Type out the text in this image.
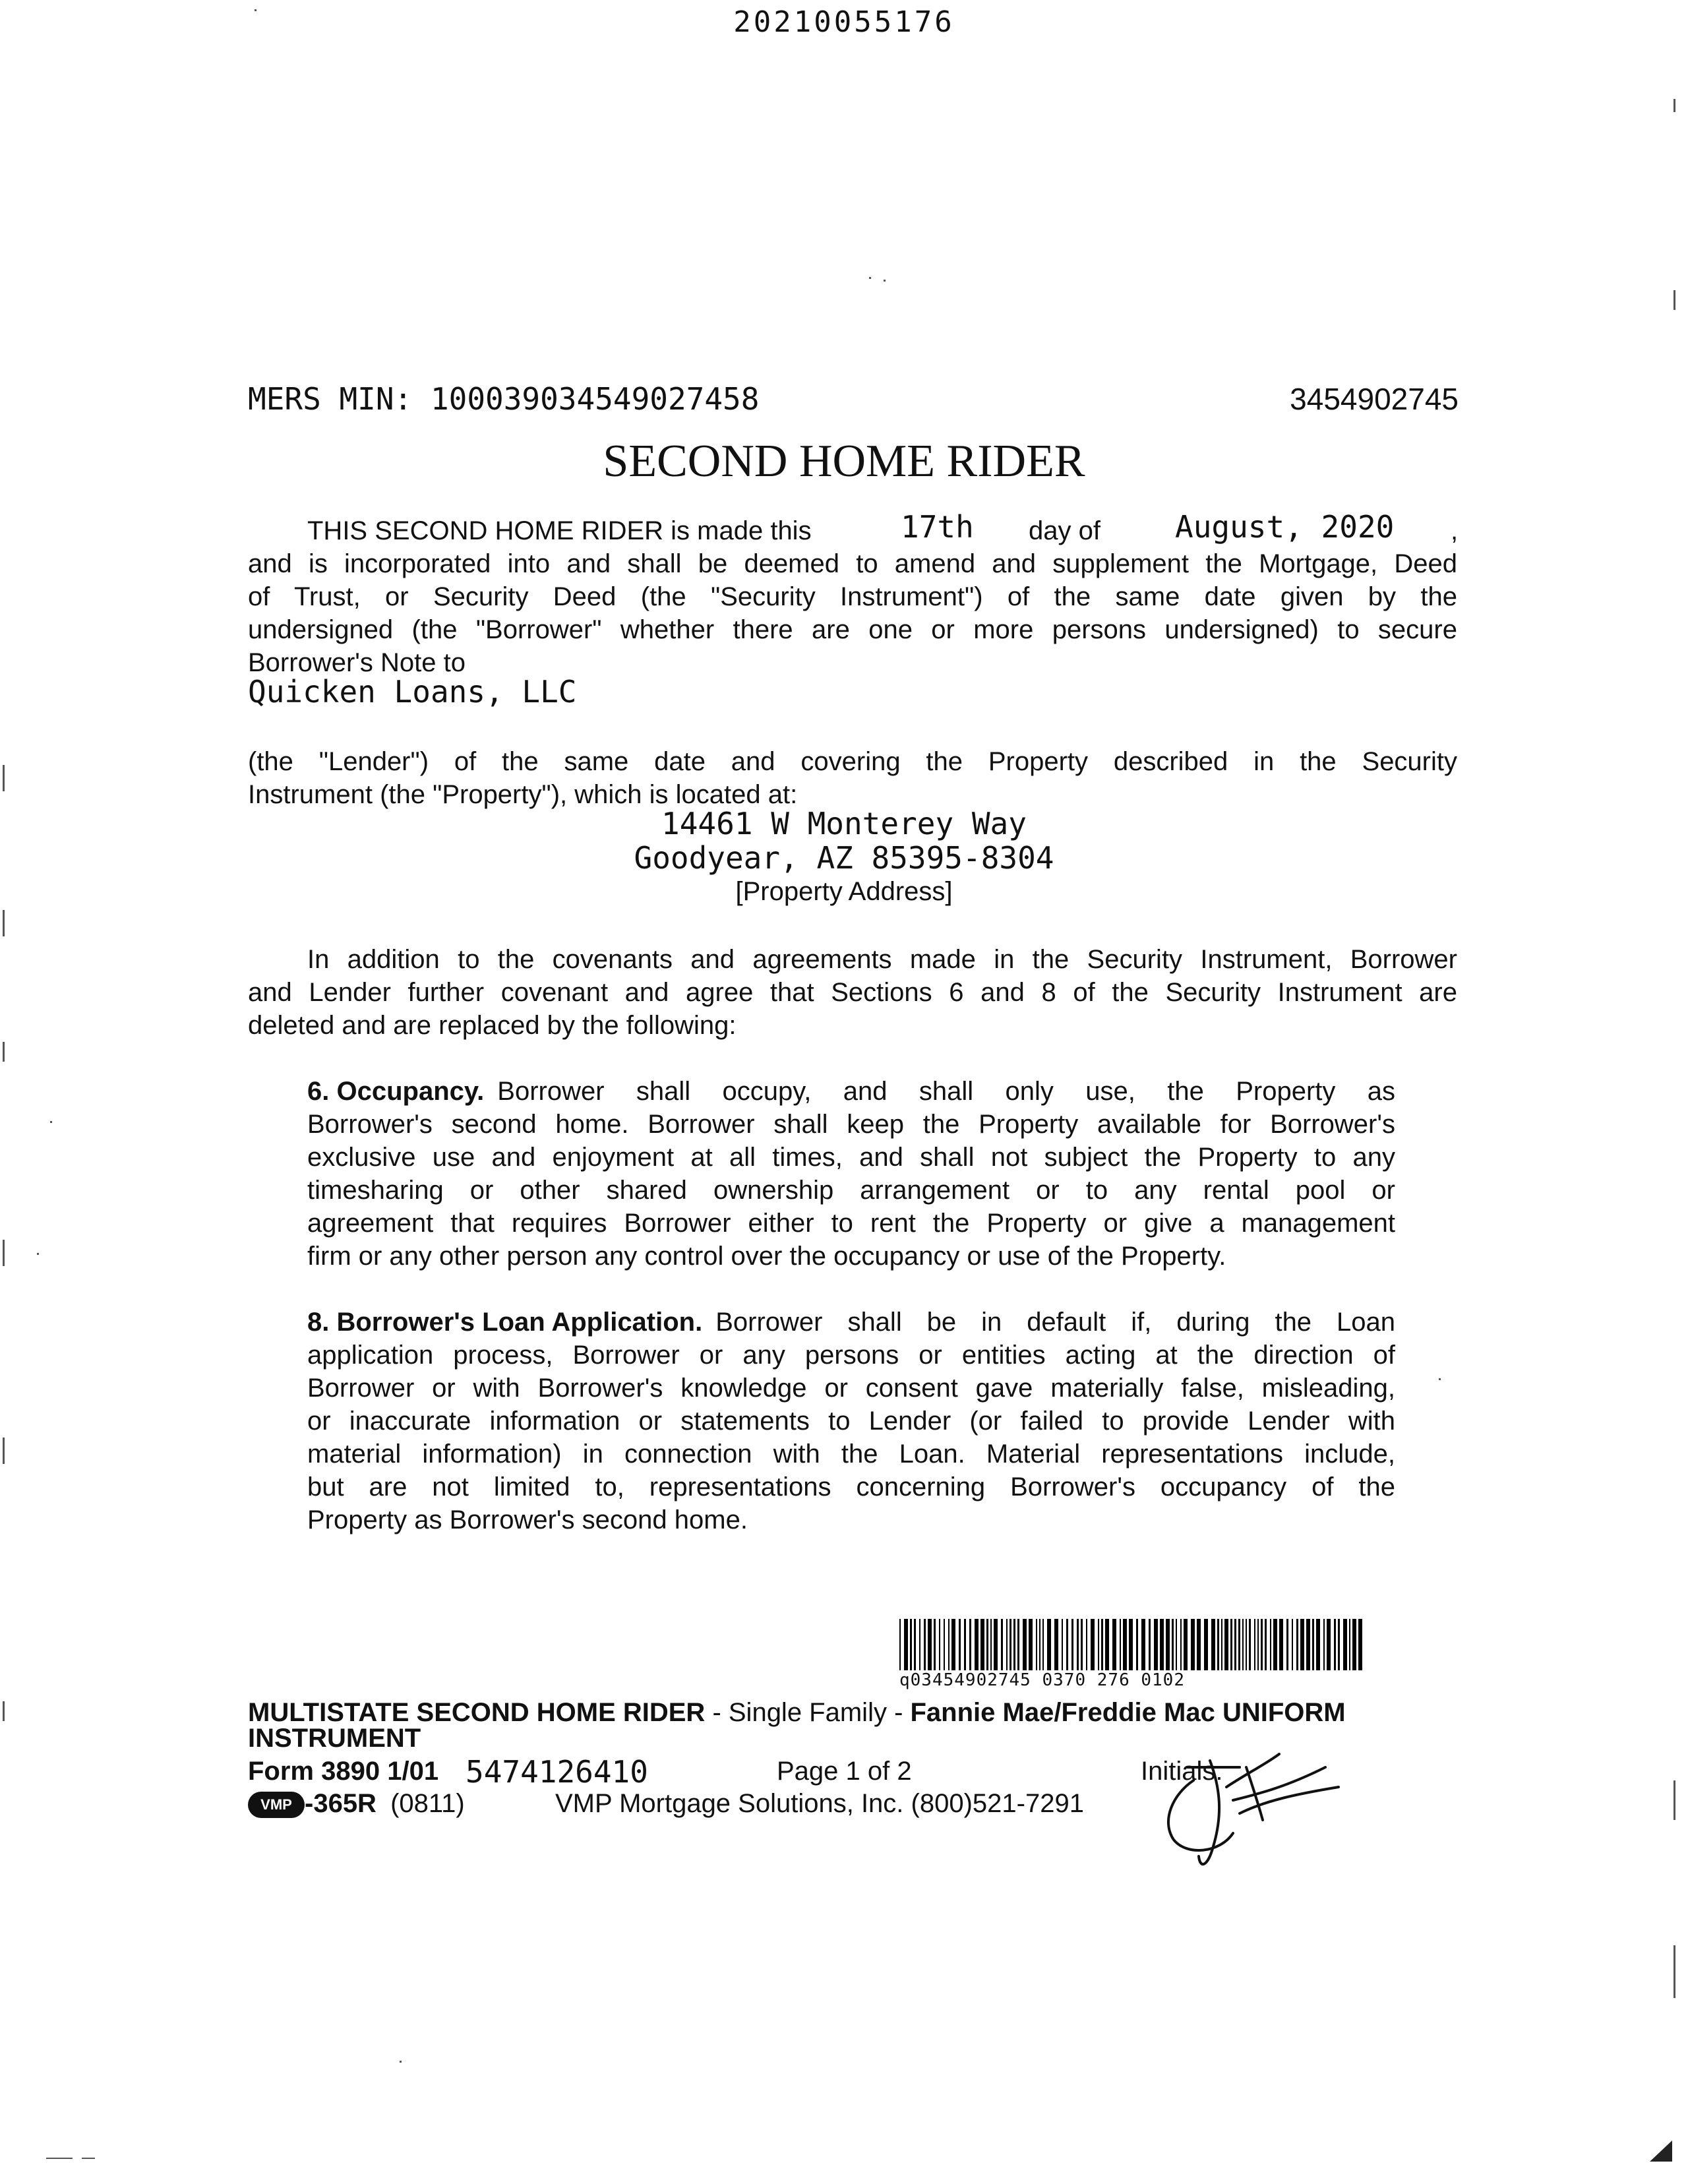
20210055176
MERS MIN: 100039034549027458	3454902745
SECOND HOME RIDER
THIS SECOND HOME RIDER is made this	17th day of August, 2020 ,
and is incorporated into and shall be deemed to amend and supplement the Mortgage, Deed
of Trust, or Security Deed (the "Security Instrument") of the same date given by the
undersigned (the "Borrower" whether there are one or more persons undersigned) to secure
Borrower's Note to
Quicken Loans, LLC
(the "Lender") of the same date and covering the Property described in the Security
Instrument (the "Property"), which is located at:
14461 W Monterey Way
Goodyear, AZ 85395-8304
[Property Address]
In addition to the covenants and agreements made in the Security Instrument, Borrower
and Lender further covenant and agree that Sections 6 and 8 of the Security Instrument are
deleted and are replaced by the following:
6. Occupancy. Borrower shall occupy, and shall only use, the Property as
Borrower's second home. Borrower shall keep the Property available for Borrower's
exclusive use and enjoyment at all times, and shall not subject the Property to any
timesharing or other shared ownership arrangement or to any rental pool or
agreement that requires Borrower either to rent the Property or give a management
firm or any other person any control over the occupancy or use of the Property.
8. Borrower's Loan Application. Borrower shall be in default if, during the Loan
application process, Borrower or any persons or entities acting at the direction of
Borrower or with Borrower's knowledge or consent gave materially false, misleading,
or inaccurate information or statements to Lender (or failed to provide Lender with
material information) in connection with the Loan. Material representations include,
but are not limited to, representations concerning Borrower's occupancy of the
Property as Borrower's second home.
q03454902745 0370 276 0102
MULTISTATE SECOND HOME RIDER - Single Family - Fannie Mae/Freddie Mac UNIFORM
INSTRUMENT
Form 3890 1/01 5474126410	Page 1 of 2	Initials:
VMP -365R (0811)	VMP Mortgage Solutions, Inc. (800)521-7291
